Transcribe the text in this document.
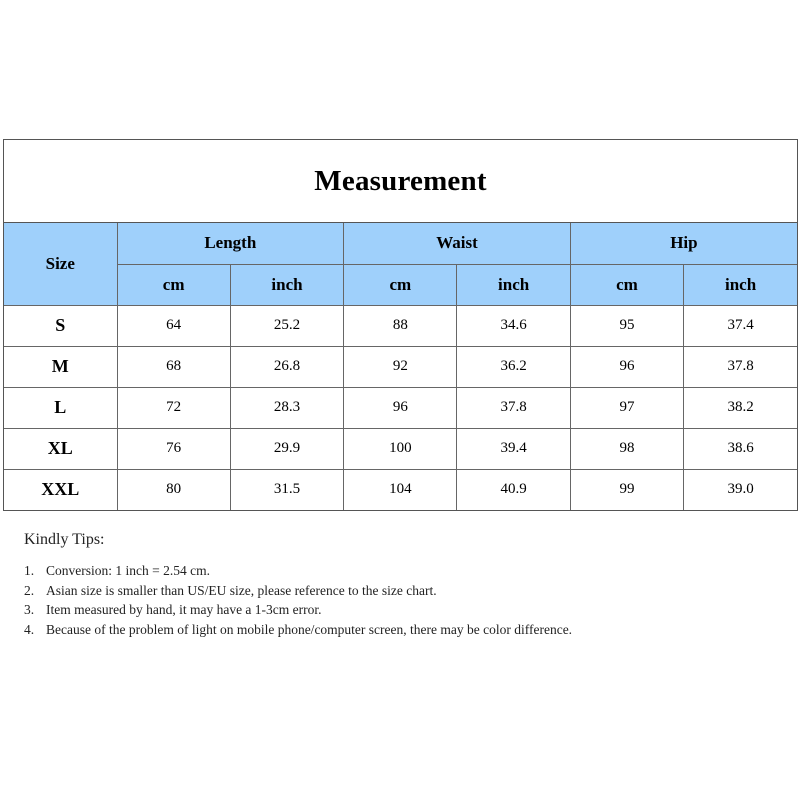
Measurement
Size	Length		Waist		Hip	
	cm	inch	cm	inch	cm	inch
S	64	25.2	88	34.6	95	37.4
M	68	26.8	92	36.2	96	37.8
L	72	28.3	96	37.8	97	38.2
XL	76	29.9	100	39.4	98	38.6
XXL	80	31.5	104	40.9	99	39.0
Kindly Tips:
1. Conversion: 1 inch = 2.54 cm.
2. Asian size is smaller than US/EU size, please reference to the size chart.
3. Item measured by hand, it may have a 1-3cm error.
4. Because of the problem of light on mobile phone/computer screen, there may be color difference.
